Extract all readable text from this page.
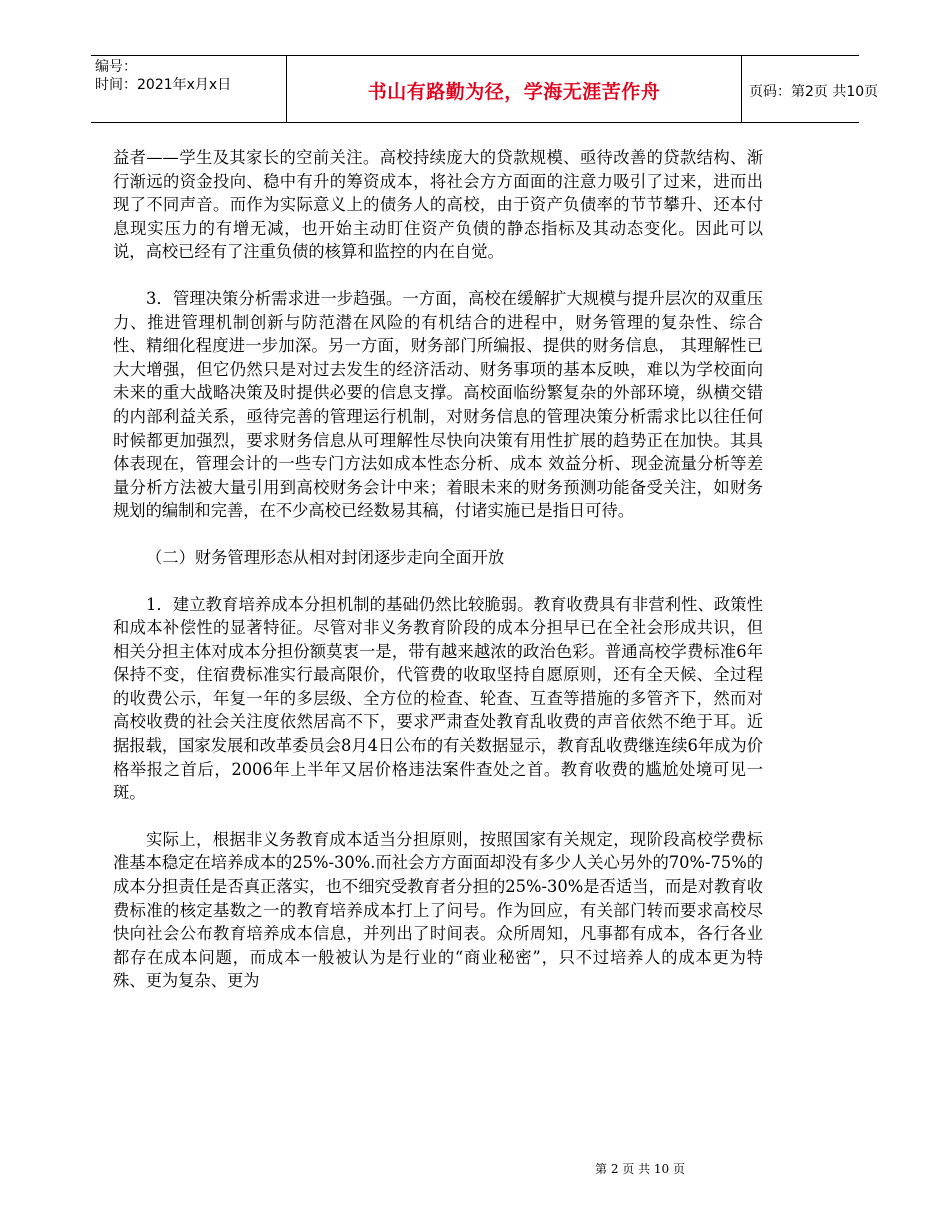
编号：
时间：2021年x月x日	书山有路勤为径，学海无涯苦作舟	页码：第2页 共10页

益者——学生及其家长的空前关注。高校持续庞大的贷款规模、亟待改善的贷款结构、渐行渐远的资金投向、稳中有升的筹资成本，将社会方方面面的注意力吸引了过来，进而出现了不同声音。而作为实际意义上的债务人的高校，由于资产负债率的节节攀升、还本付息现实压力的有增无减，也开始主动盯住资产负债的静态指标及其动态变化。因此可以说，高校已经有了注重负债的核算和监控的内在自觉。

3．管理决策分析需求进一步趋强。一方面，高校在缓解扩大规模与提升层次的双重压力、推进管理机制创新与防范潜在风险的有机结合的进程中，财务管理的复杂性、综合性、精细化程度进一步加深。另一方面，财务部门所编报、提供的财务信息， 其理解性已大大增强，但它仍然只是对过去发生的经济活动、财务事项的基本反映，难以为学校面向未来的重大战略决策及时提供必要的信息支撑。高校面临纷繁复杂的外部环境，纵横交错的内部利益关系，亟待完善的管理运行机制，对财务信息的管理决策分析需求比以往任何时候都更加强烈，要求财务信息从可理解性尽快向决策有用性扩展的趋势正在加快。其具体表现在，管理会计的一些专门方法如成本性态分析、成本 效益分析、现金流量分析等差量分析方法被大量引用到高校财务会计中来；着眼未来的财务预测功能备受关注，如财务规划的编制和完善，在不少高校已经数易其稿，付诸实施已是指日可待。

（二）财务管理形态从相对封闭逐步走向全面开放

1．建立教育培养成本分担机制的基础仍然比较脆弱。教育收费具有非营利性、政策性和成本补偿性的显著特征。尽管对非义务教育阶段的成本分担早已在全社会形成共识，但相关分担主体对成本分担份额莫衷一是，带有越来越浓的政治色彩。普通高校学费标准6年保持不变，住宿费标准实行最高限价，代管费的收取坚持自愿原则，还有全天候、全过程的收费公示，年复一年的多层级、全方位的检查、轮查、互查等措施的多管齐下，然而对高校收费的社会关注度依然居高不下，要求严肃查处教育乱收费的声音依然不绝于耳。近据报载，国家发展和改革委员会8月4日公布的有关数据显示，教育乱收费继连续6年成为价格举报之首后，2006年上半年又居价格违法案件查处之首。教育收费的尴尬处境可见一斑。

实际上，根据非义务教育成本适当分担原则，按照国家有关规定，现阶段高校学费标准基本稳定在培养成本的25%-30%.而社会方方面面却没有多少人关心另外的70%-75%的成本分担责任是否真正落实，也不细究受教育者分担的25%-30%是否适当，而是对教育收费标准的核定基数之一的教育培养成本打上了问号。作为回应，有关部门转而要求高校尽快向社会公布教育培养成本信息，并列出了时间表。众所周知，凡事都有成本，各行各业都存在成本问题，而成本一般被认为是行业的“商业秘密”，只不过培养人的成本更为特殊、更为复杂、更为

第 2 页 共 10 页
